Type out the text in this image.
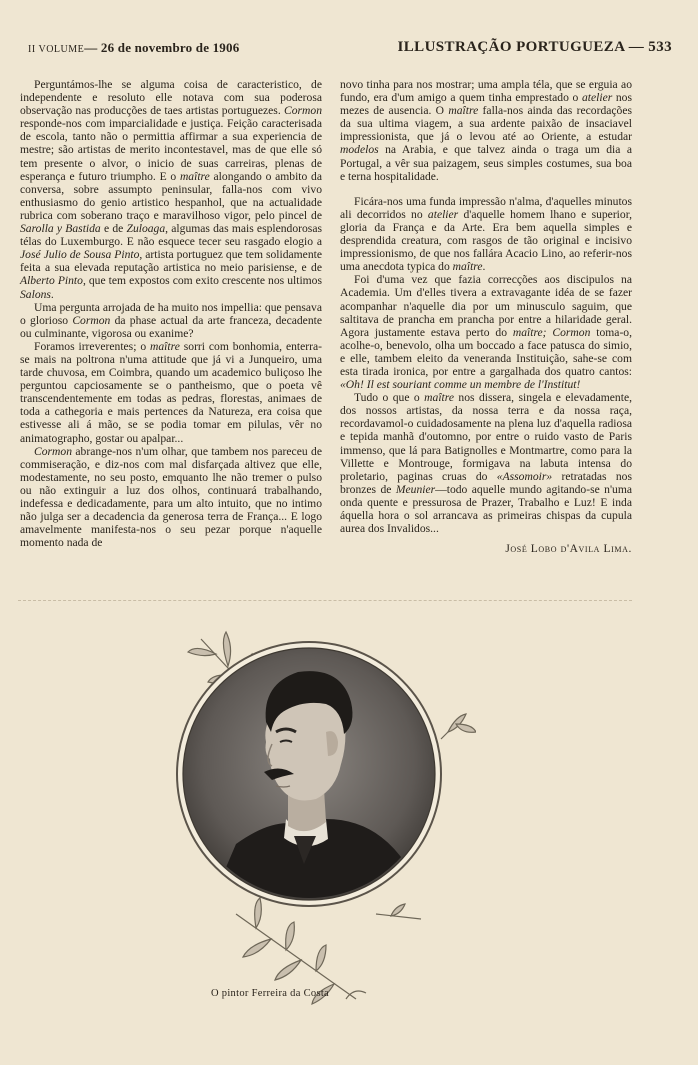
II VOLUME— 26 de novembro de 1906	ILLUSTRAÇÃO PORTUGUEZA — 533

Perguntámos-lhe se alguma coisa de caracteristico, de independente e resoluto elle notava com sua poderosa observação nas producções de taes artistas portuguezes. Cormon responde-nos com imparcialidade e justiça. Feição caracterisada de escola, tanto não o permittia affirmar a sua experiencia de mestre; são artistas de merito incontestavel, mas de que elle só tem presente o alvor, o inicio de suas carreiras, plenas de esperança e futuro triumpho. E o maître alongando o ambito da conversa, sobre assumpto peninsular, falla-nos com vivo enthusiasmo do genio artistico hespanhol, que na actualidade rubrica com soberano traço e maravilhoso vigor, pelo pincel de Sarolla y Bastida e de Zuloaga, algumas das mais esplendorosas télas do Luxemburgo. E não esquece tecer seu rasgado elogio a José Julio de Sousa Pinto, artista portuguez que tem solidamente feita a sua elevada reputação artistica no meio parisiense, e de Alberto Pinto, que tem expostos com exito crescente nos ultimos Salons.

Uma pergunta arrojada de ha muito nos impellia: que pensava o glorioso Cormon da phase actual da arte franceza, decadente ou culminante, vigorosa ou exanime?

Foramos irreverentes; o maître sorri com bonhomia, enterra-se mais na poltrona n'uma attitude que já vi a Junqueiro, uma tarde chuvosa, em Coimbra, quando um academico buliçoso lhe perguntou capciosamente se o pantheismo, que o poeta vê transcendentemente em todas as pedras, florestas, animaes de toda a cathegoria e mais pertences da Natureza, era coisa que estivesse ali á mão, se se podia tomar em pilulas, vêr no animatographo, gostar ou apalpar...

Cormon abrange-nos n'um olhar, que tambem nos pareceu de commiseração, e diz-nos com mal disfarçada altivez que elle, modestamente, no seu posto, emquanto lhe não tremer o pulso ou não extinguir a luz dos olhos, continuará trabalhando, indefessa e dedicadamente, para um alto intuito, que no intimo não julga ser a decadencia da generosa terra de França... E logo amavelmente manifesta-nos o seu pezar porque n'aquelle momento nada de

novo tinha para nos mostrar; uma ampla téla, que se erguia ao fundo, era d'um amigo a quem tinha emprestado o atelier nos mezes de ausencia. O maître falla-nos ainda das recordações da sua ultima viagem, a sua ardente paixão de insaciavel impressionista, que já o levou até ao Oriente, a estudar modelos na Arabia, e que talvez ainda o traga um dia a Portugal, a vêr sua paizagem, seus simples costumes, sua boa e terna hospitalidade.

Ficára-nos uma funda impressão n'alma, d'aquelles minutos ali decorridos no atelier d'aquelle homem lhano e superior, gloria da França e da Arte. Era bem aquella simples e desprendida creatura, com rasgos de tão original e incisivo impressionismo, de que nos fallára Acacio Lino, ao referir-nos uma anecdota typica do maître.

Foi d'uma vez que fazia correcções aos discipulos na Academia. Um d'elles tivera a extravagante idéa de se fazer acompanhar n'aquelle dia por um minusculo saguim, que saltitava de prancha em prancha por entre a hilaridade geral. Agora justamente estava perto do maître; Cormon toma-o, acolhe-o, benevolo, olha um boccado a face patusca do simio, e elle, tambem eleito da veneranda Instituição, sahe-se com esta tirada ironica, por entre a gargalhada dos quatro cantos: «Oh! Il est souriant comme un membre de l'Institut!

Tudo o que o maître nos dissera, singela e elevadamente, dos nossos artistas, da nossa terra e da nossa raça, recordavamol-o cuidadosamente na plena luz d'aquella radiosa e tepida manhã d'outomno, por entre o ruido vasto de Paris immenso, que lá para Batignolles e Montmartre, como para la Villette e Montrouge, formigava na labuta intensa do proletario, paginas cruas do «Assomoir» retratadas nos bronzes de Meunier—todo aquelle mundo agitando-se n'uma onda quente e pressurosa de Prazer, Trabalho e Luz! E inda áquella hora o sol arrancava as primeiras chispas da cupula aurea dos Invalidos...

José Lobo d'Avila Lima.
O pintor Ferreira da Costa
